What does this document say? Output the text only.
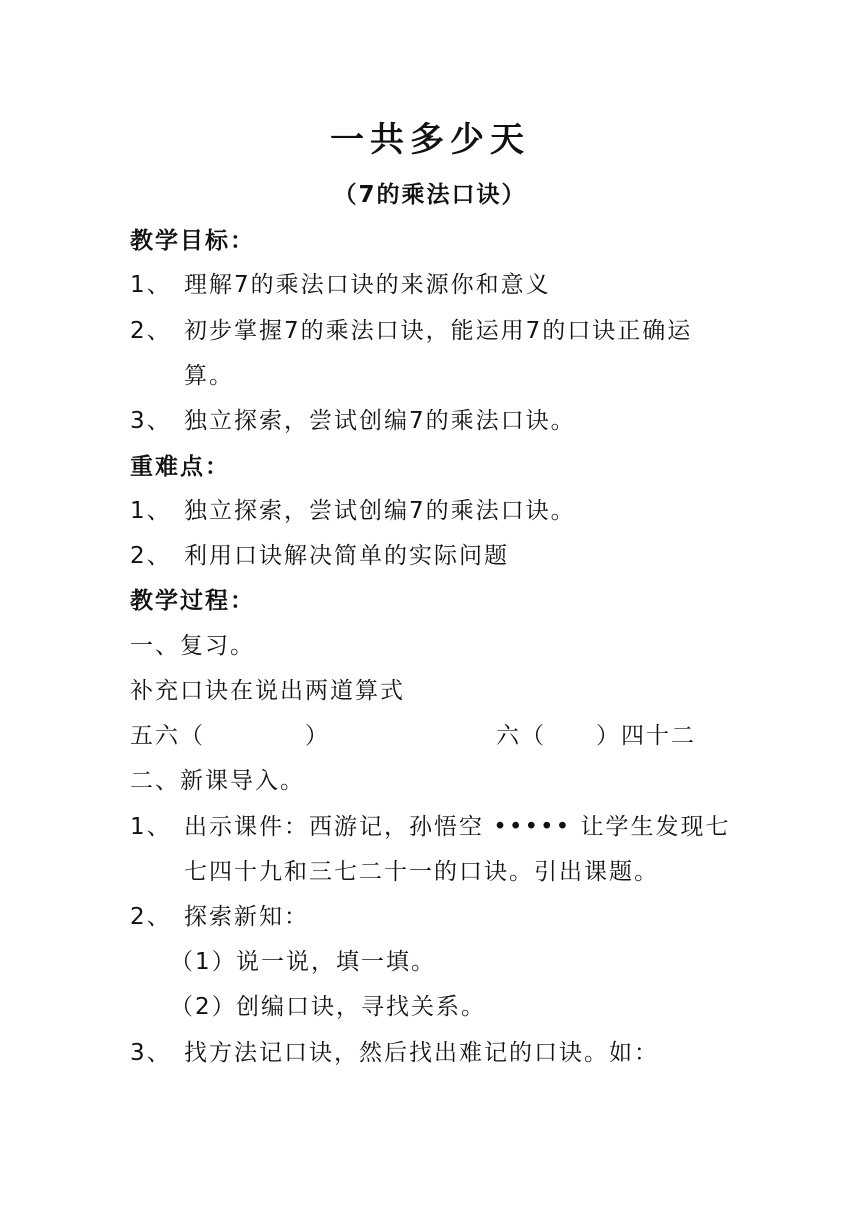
一共多少天
（7的乘法口诀）
教学目标：
1、 理解7的乘法口诀的来源你和意义
2、 初步掌握7的乘法口诀，能运用7的口诀正确运
算。
3、 独立探索，尝试创编7的乘法口诀。
重难点：
1、 独立探索，尝试创编7的乘法口诀。
2、 利用口诀解决简单的实际问题
教学过程：
一、复习。
补充口诀在说出两道算式
五六（　　　　）	六（　　）四十二
二、新课导入。
1、 出示课件：西游记，孙悟空 ••••• 让学生发现七
七四十九和三七二十一的口诀。引出课题。
2、 探索新知：
（1） 说一说，填一填。
（2） 创编口诀，寻找关系。
3、 找方法记口诀，然后找出难记的口诀。如：
